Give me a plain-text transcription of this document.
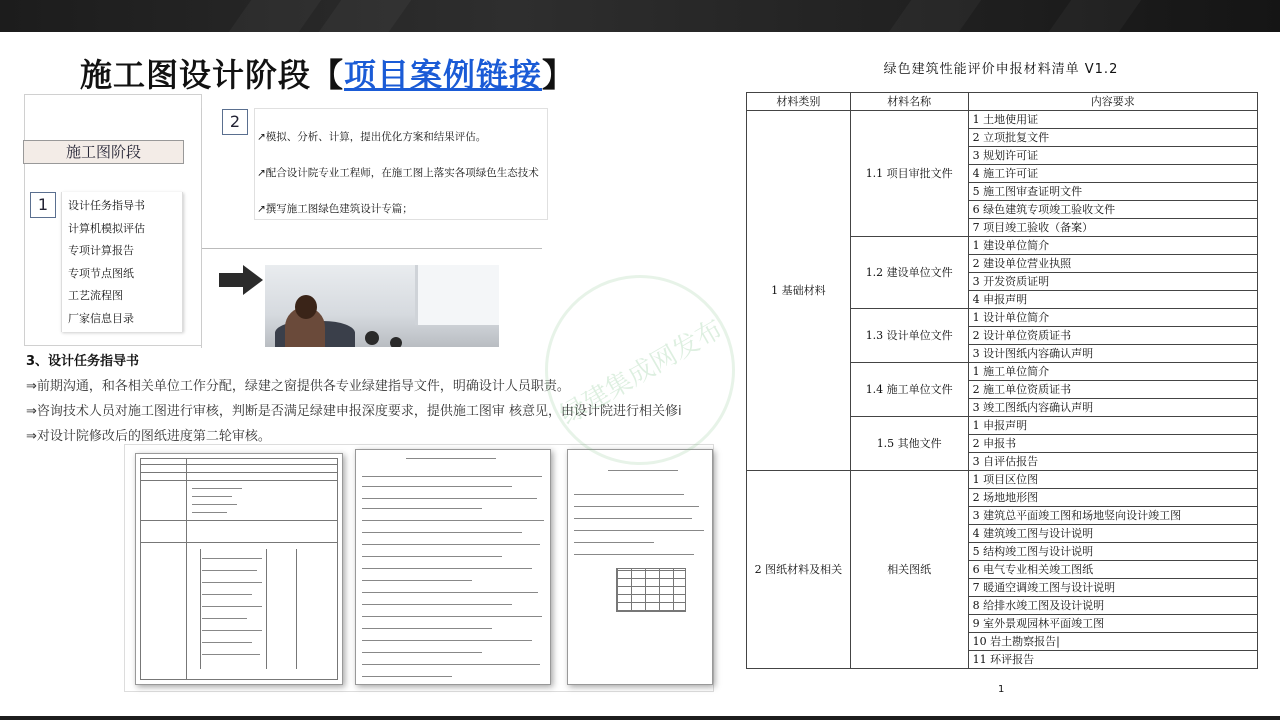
施工图设计阶段【项目案例链接】
施工图阶段
1
2
设计任务指导书
计算机模拟评估
专项计算报告
专项节点图纸
工艺流程图
厂家信息目录
↗模拟、分析、计算，提出优化方案和结果评估。
↗配合设计院专业工程师，在施工图上落实各项绿色生态技术
↗撰写施工图绿色建筑设计专篇；
3、设计任务指导书
⇒前期沟通，和各相关单位工作分配，绿建之窗提供各专业绿建指导文件，明确设计人员职责。
⇒咨询技术人员对施工图进行审核，判断是否满足绿建申报深度要求，提供施工图审 核意见，由设计院进行相关修i
⇒对设计院修改后的图纸进度第二轮审核。
绿建集成网发布
绿色建筑性能评价申报材料清单 V1.2
材料类别	材料名称	内容要求
1 基础材料	1.1 项目审批文件	1 土地使用证
		2 立项批复文件
		3 规划许可证
		4 施工许可证
		5 施工图审查证明文件
		6 绿色建筑专项竣工验收文件
		7 项目竣工验收（备案）
	1.2 建设单位文件	1 建设单位简介
		2 建设单位营业执照
		3 开发资质证明
		4 申报声明
	1.3 设计单位文件	1 设计单位简介
		2 设计单位资质证书
		3 设计图纸内容确认声明
	1.4 施工单位文件	1 施工单位简介
		2 施工单位资质证书
		3 竣工图纸内容确认声明
	1.5 其他文件	1 申报声明
		2 申报书
		3 自评估报告
2 图纸材料及相关	相关图纸	1 项目区位图
		2 场地地形图
		3 建筑总平面竣工图和场地竖向设计竣工图
		4 建筑竣工图与设计说明
		5 结构竣工图与设计说明
		6 电气专业相关竣工图纸
		7 暖通空调竣工图与设计说明
		8 给排水竣工图及设计说明
		9 室外景观园林平面竣工图
		10 岩土勘察报告|
		11 环评报告
1
